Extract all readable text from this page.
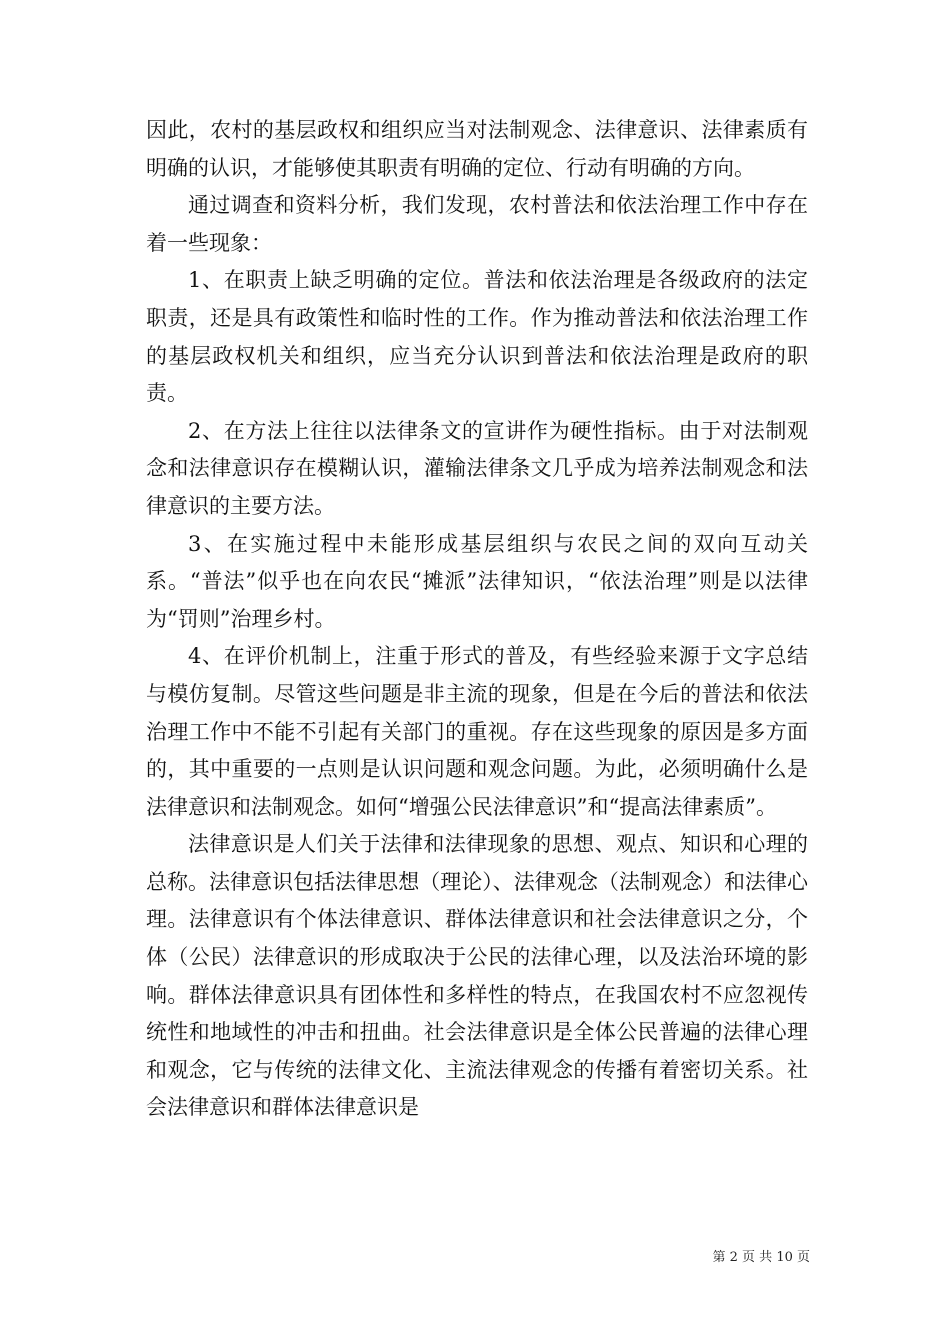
因此，农村的基层政权和组织应当对法制观念、法律意识、法律素质有明确的认识，才能够使其职责有明确的定位、行动有明确的方向。

通过调查和资料分析，我们发现，农村普法和依法治理工作中存在着一些现象：

1、在职责上缺乏明确的定位。普法和依法治理是各级政府的法定职责，还是具有政策性和临时性的工作。作为推动普法和依法治理工作的基层政权机关和组织，应当充分认识到普法和依法治理是政府的职责。

2、在方法上往往以法律条文的宣讲作为硬性指标。由于对法制观念和法律意识存在模糊认识，灌输法律条文几乎成为培养法制观念和法律意识的主要方法。

3、在实施过程中未能形成基层组织与农民之间的双向互动关系。“普法”似乎也在向农民“摊派”法律知识，“依法治理”则是以法律为“罚则”治理乡村。

4、在评价机制上，注重于形式的普及，有些经验来源于文字总结与模仿复制。尽管这些问题是非主流的现象，但是在今后的普法和依法治理工作中不能不引起有关部门的重视。存在这些现象的原因是多方面的，其中重要的一点则是认识问题和观念问题。为此，必须明确什么是法律意识和法制观念。如何“增强公民法律意识”和“提高法律素质”。

法律意识是人们关于法律和法律现象的思想、观点、知识和心理的总称。法律意识包括法律思想（理论）、法律观念（法制观念）和法律心理。法律意识有个体法律意识、群体法律意识和社会法律意识之分，个体（公民）法律意识的形成取决于公民的法律心理，以及法治环境的影响。群体法律意识具有团体性和多样性的特点，在我国农村不应忽视传统性和地域性的冲击和扭曲。社会法律意识是全体公民普遍的法律心理和观念，它与传统的法律文化、主流法律观念的传播有着密切关系。社会法律意识和群体法律意识是

第 2 页 共 10 页
